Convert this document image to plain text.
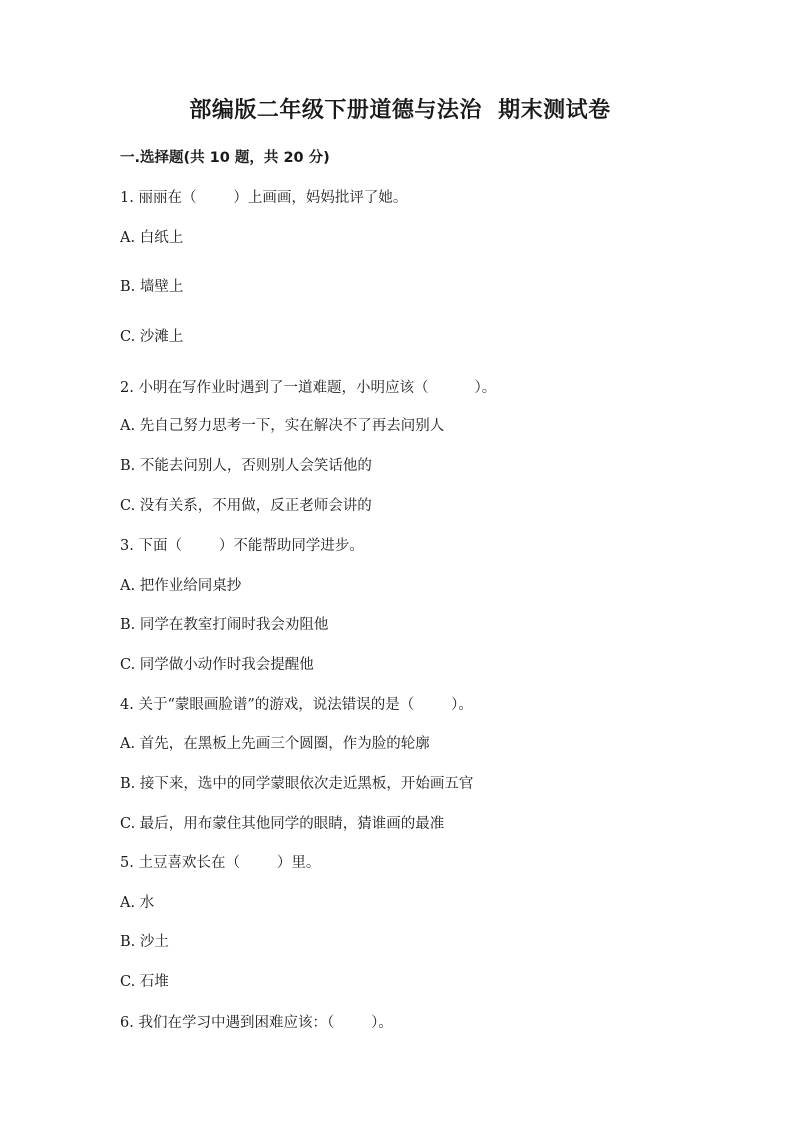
部编版二年级下册道德与法治  期末测试卷
一.选择题(共 10 题，共 20 分)
1. 丽丽在（        ）上画画，妈妈批评了她。
A. 白纸上
B. 墙壁上
C. 沙滩上
2. 小明在写作业时遇到了一道难题，小明应该（          ）。
A. 先自己努力思考一下，实在解决不了再去问别人
B. 不能去问别人，否则别人会笑话他的
C. 没有关系，不用做，反正老师会讲的
3. 下面（        ）不能帮助同学进步。
A. 把作业给同桌抄
B. 同学在教室打闹时我会劝阻他
C. 同学做小动作时我会提醒他
4. 关于“蒙眼画脸谱”的游戏，说法错误的是（        ）。
A. 首先，在黑板上先画三个圆圈，作为脸的轮廓
B. 接下来，选中的同学蒙眼依次走近黑板，开始画五官
C. 最后，用布蒙住其他同学的眼睛，猜谁画的最准
5. 土豆喜欢长在（        ）里。
A. 水
B. 沙土
C. 石堆
6. 我们在学习中遇到困难应该：（        ）。
